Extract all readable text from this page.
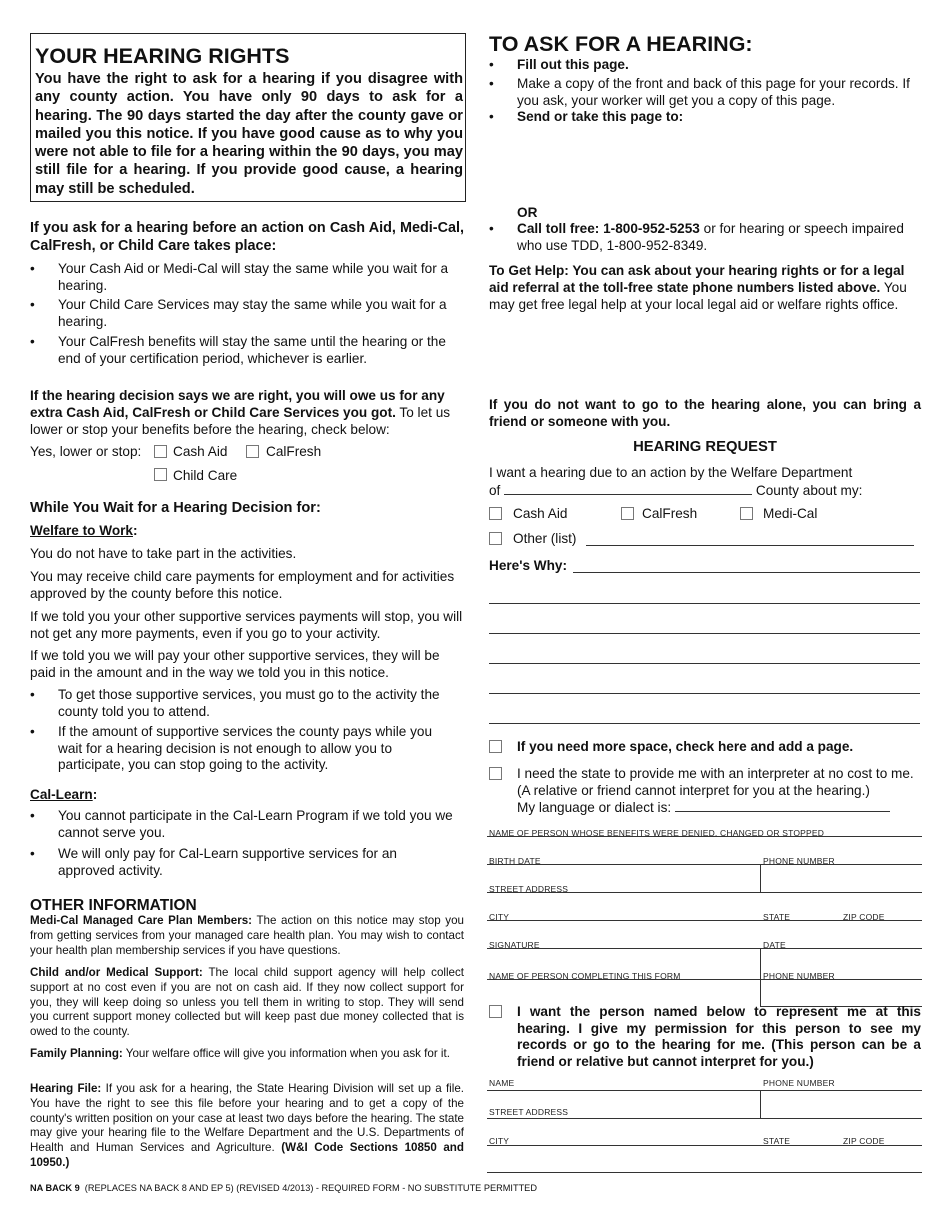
YOUR HEARING RIGHTS
You have the right to ask for a hearing if you disagree with any county action. You have only 90 days to ask for a hearing. The 90 days started the day after the county gave or mailed you this notice. If you have good cause as to why you were not able to file for a hearing within the 90 days, you may still file for a hearing. If you provide good cause, a hearing may still be scheduled.
If you ask for a hearing before an action on Cash Aid, Medi-Cal, CalFresh, or Child Care takes place:
• Your Cash Aid or Medi-Cal will stay the same while you wait for a hearing.
• Your Child Care Services may stay the same while you wait for a hearing.
• Your CalFresh benefits will stay the same until the hearing or the end of your certification period, whichever is earlier.
If the hearing decision says we are right, you will owe us for any extra Cash Aid, CalFresh or Child Care Services you got. To let us lower or stop your benefits before the hearing, check below:
Yes, lower or stop: Cash Aid	CalFresh
Child Care
While You Wait for a Hearing Decision for:
Welfare to Work:
You do not have to take part in the activities.
You may receive child care payments for employment and for activities approved by the county before this notice.
If we told you your other supportive services payments will stop, you will not get any more payments, even if you go to your activity.
If we told you we will pay your other supportive services, they will be paid in the amount and in the way we told you in this notice.
• To get those supportive services, you must go to the activity the county told you to attend.
• If the amount of supportive services the county pays while you wait for a hearing decision is not enough to allow you to participate, you can stop going to the activity.
Cal-Learn:
• You cannot participate in the Cal-Learn Program if we told you we cannot serve you.
• We will only pay for Cal-Learn supportive services for an approved activity.
OTHER INFORMATION
Medi-Cal Managed Care Plan Members: The action on this notice may stop you from getting services from your managed care health plan. You may wish to contact your health plan membership services if you have questions.
Child and/or Medical Support: The local child support agency will help collect support at no cost even if you are not on cash aid. If they now collect support for you, they will keep doing so unless you tell them in writing to stop. They will send you current support money collected but will keep past due money collected that is owed to the county.
Family Planning: Your welfare office will give you information when you ask for it.
Hearing File: If you ask for a hearing, the State Hearing Division will set up a file. You have the right to see this file before your hearing and to get a copy of the county's written position on your case at least two days before the hearing. The state may give your hearing file to the Welfare Department and the U.S. Departments of Health and Human Services and Agriculture. (W&I Code Sections 10850 and 10950.)
NA BACK 9 (REPLACES NA BACK 8 AND EP 5) (REVISED 4/2013) - REQUIRED FORM - NO SUBSTITUTE PERMITTED
TO ASK FOR A HEARING:
• Fill out this page.
• Make a copy of the front and back of this page for your records. If you ask, your worker will get you a copy of this page.
• Send or take this page to:
OR
• Call toll free: 1-800-952-5253 or for hearing or speech impaired who use TDD, 1-800-952-8349.
To Get Help: You can ask about your hearing rights or for a legal aid referral at the toll-free state phone numbers listed above. You may get free legal help at your local legal aid or welfare rights office.
If you do not want to go to the hearing alone, you can bring a friend or someone with you.
HEARING REQUEST
I want a hearing due to an action by the Welfare Department
of	County about my:
Cash Aid	CalFresh	Medi-Cal
Other (list)
Here's Why:
If you need more space, check here and add a page.
I need the state to provide me with an interpreter at no cost to me.
(A relative or friend cannot interpret for you at the hearing.)
My language or dialect is:
NAME OF PERSON WHOSE BENEFITS WERE DENIED, CHANGED OR STOPPED
BIRTH DATE	PHONE NUMBER
STREET ADDRESS
CITY	STATE	ZIP CODE
SIGNATURE	DATE
NAME OF PERSON COMPLETING THIS FORM	PHONE NUMBER
I want the person named below to represent me at this hearing. I give my permission for this person to see my records or go to the hearing for me. (This person can be a friend or relative but cannot interpret for you.)
NAME	PHONE NUMBER
STREET ADDRESS
CITY	STATE	ZIP CODE
